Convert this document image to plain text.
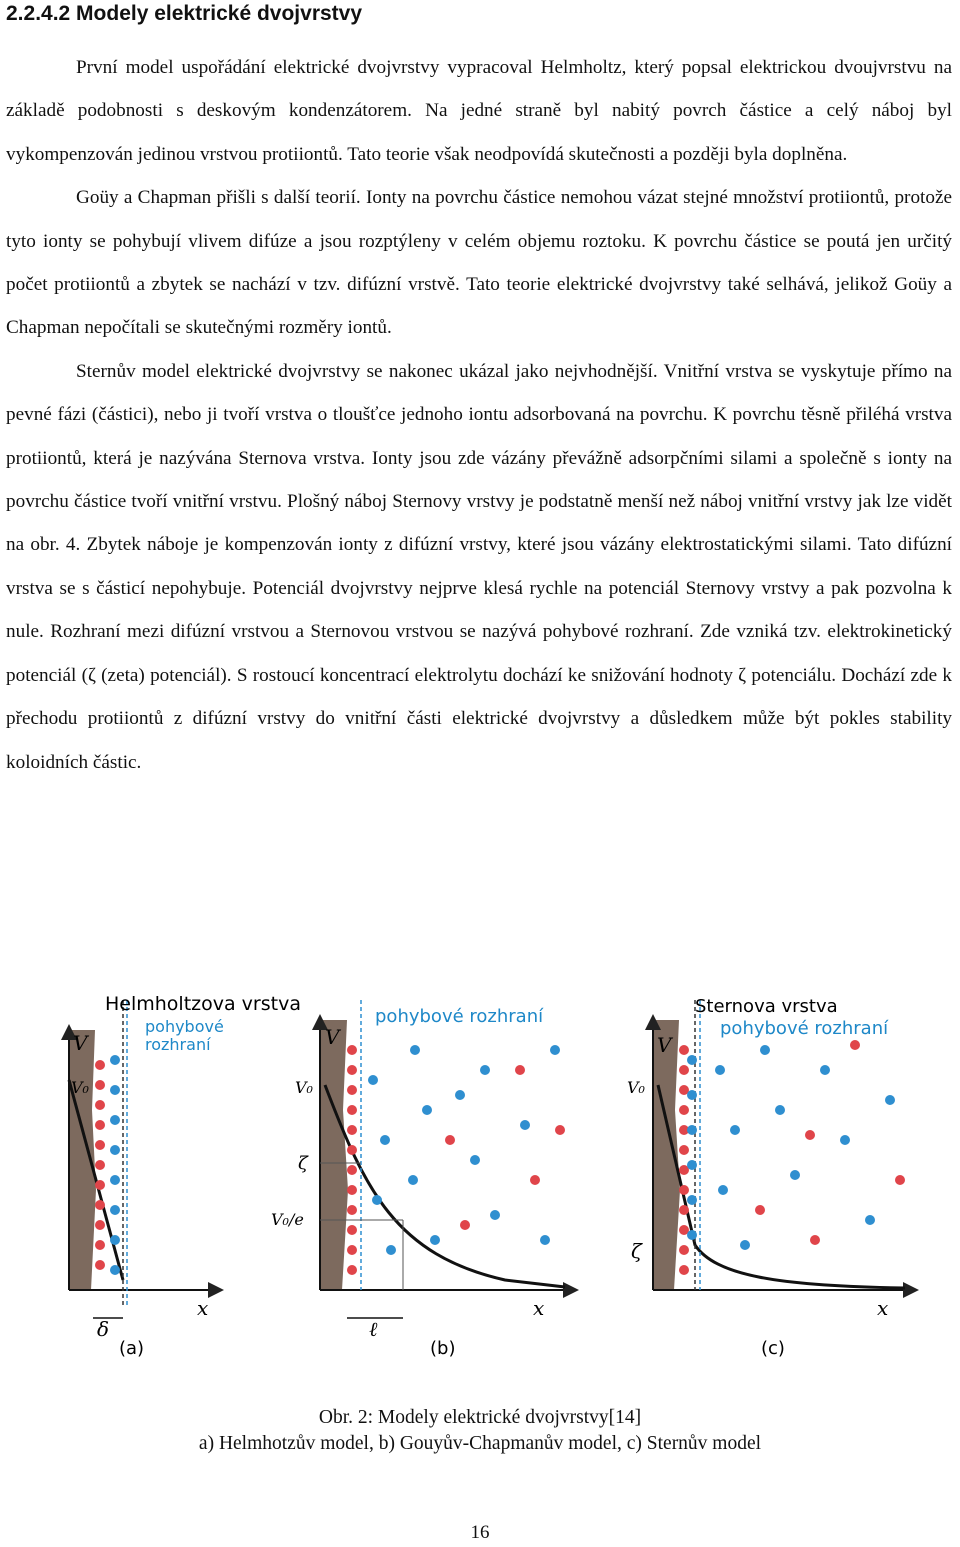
2.2.4.2 Modely elektrické dvojvrstvy

První model uspořádání elektrické dvojvrstvy vypracoval Helmholtz, který popsal elektrickou dvoujvrstvu na základě podobnosti s deskovým kondenzátorem. Na jedné straně byl nabitý povrch částice a celý náboj byl vykompenzován jedinou vrstvou protiiontů. Tato teorie však neodpovídá skutečnosti a později byla doplněna.

Goüy a Chapman přišli s další teorií. Ionty na povrchu částice nemohou vázat stejné množství protiiontů, protože tyto ionty se pohybují vlivem difúze a jsou rozptýleny v celém objemu roztoku. K povrchu částice se poutá jen určitý počet protiiontů a zbytek se nachází v tzv. difúzní vrstvě. Tato teorie elektrické dvojvrstvy také selhává, jelikož Goüy a Chapman nepočítali se skutečnými rozměry iontů.

Sternův model elektrické dvojvrstvy se nakonec ukázal jako nejvhodnější. Vnitřní vrstva se vyskytuje přímo na pevné fázi (částici), nebo ji tvoří vrstva o tloušťce jednoho iontu adsorbovaná na povrchu. K povrchu těsně přiléhá vrstva protiiontů, která je nazývána Sternova vrstva. Ionty jsou zde vázány převážně adsorpčními silami a společně s ionty na povrchu částice tvoří vnitřní vrstvu. Plošný náboj Sternovy vrstvy je podstatně menší než náboj vnitřní vrstvy jak lze vidět na obr. 4. Zbytek náboje je kompenzován ionty z difúzní vrstvy, které jsou vázány elektrostatickými silami. Tato difúzní vrstva se s částicí nepohybuje. Potenciál dvojvrstvy nejprve klesá rychle na potenciál Sternovy vrstvy a pak pozvolna k nule. Rozhraní mezi difúzní vrstvou a Sternovou vrstvou se nazývá pohybové rozhraní. Zde vzniká tzv. elektrokinetický potenciál (ζ (zeta) potenciál). S rostoucí koncentrací elektrolytu dochází ke snižování hodnoty ζ potenciálu. Dochází zde k přechodu protiiontů z difúzní vrstvy do vnitřní části elektrické dvojvrstvy a důsledkem může být pokles stability koloidních částic.

Helmholtzova vrstva
pohybové
rozhraní
V
V₀
x
δ
(a)
pohybové rozhraní
V
V₀
ζ
V₀/e
x
ℓ
(b)
Sternova vrstva
pohybové rozhraní
V
V₀
ζ
x
(c)
Obr. 2: Modely elektrické dvojvrstvy[14]
a) Helmhotzův model, b) Gouyův-Chapmanův model, c) Sternův model
16
